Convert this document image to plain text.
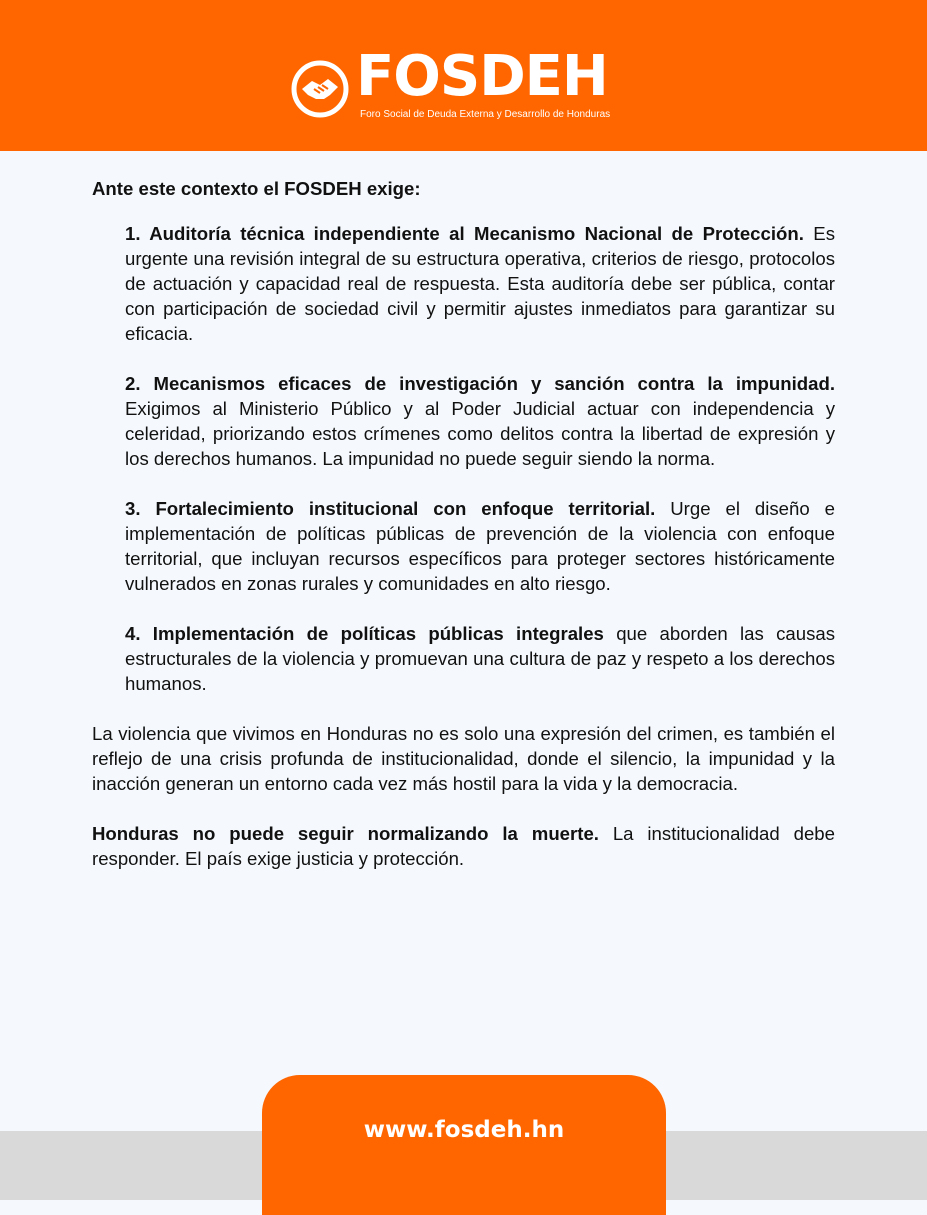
FOSDEH
Foro Social de Deuda Externa y Desarrollo de Honduras

Ante este contexto el FOSDEH exige:

1. Auditoría técnica independiente al Mecanismo Nacional de Protección. Es urgente una revisión integral de su estructura operativa, criterios de riesgo, protocolos de actuación y capacidad real de respuesta. Esta auditoría debe ser pública, contar con participación de sociedad civil y permitir ajustes inmediatos para garantizar su eficacia.

2. Mecanismos eficaces de investigación y sanción contra la impunidad. Exigimos al Ministerio Público y al Poder Judicial actuar con independencia y celeridad, priorizando estos crímenes como delitos contra la libertad de expresión y los derechos humanos. La impunidad no puede seguir siendo la norma.

3. Fortalecimiento institucional con enfoque territorial. Urge el diseño e implementación de políticas públicas de prevención de la violencia con enfoque territorial, que incluyan recursos específicos para proteger sectores históricamente vulnerados en zonas rurales y comunidades en alto riesgo.

4. Implementación de políticas públicas integrales que aborden las causas estructurales de la violencia y promuevan una cultura de paz y respeto a los derechos humanos.

La violencia que vivimos en Honduras no es solo una expresión del crimen, es también el reflejo de una crisis profunda de institucionalidad, donde el silencio, la impunidad y la inacción generan un entorno cada vez más hostil para la vida y la democracia.

Honduras no puede seguir normalizando la muerte. La institucionalidad debe responder. El país exige justicia y protección.

www.fosdeh.hn
